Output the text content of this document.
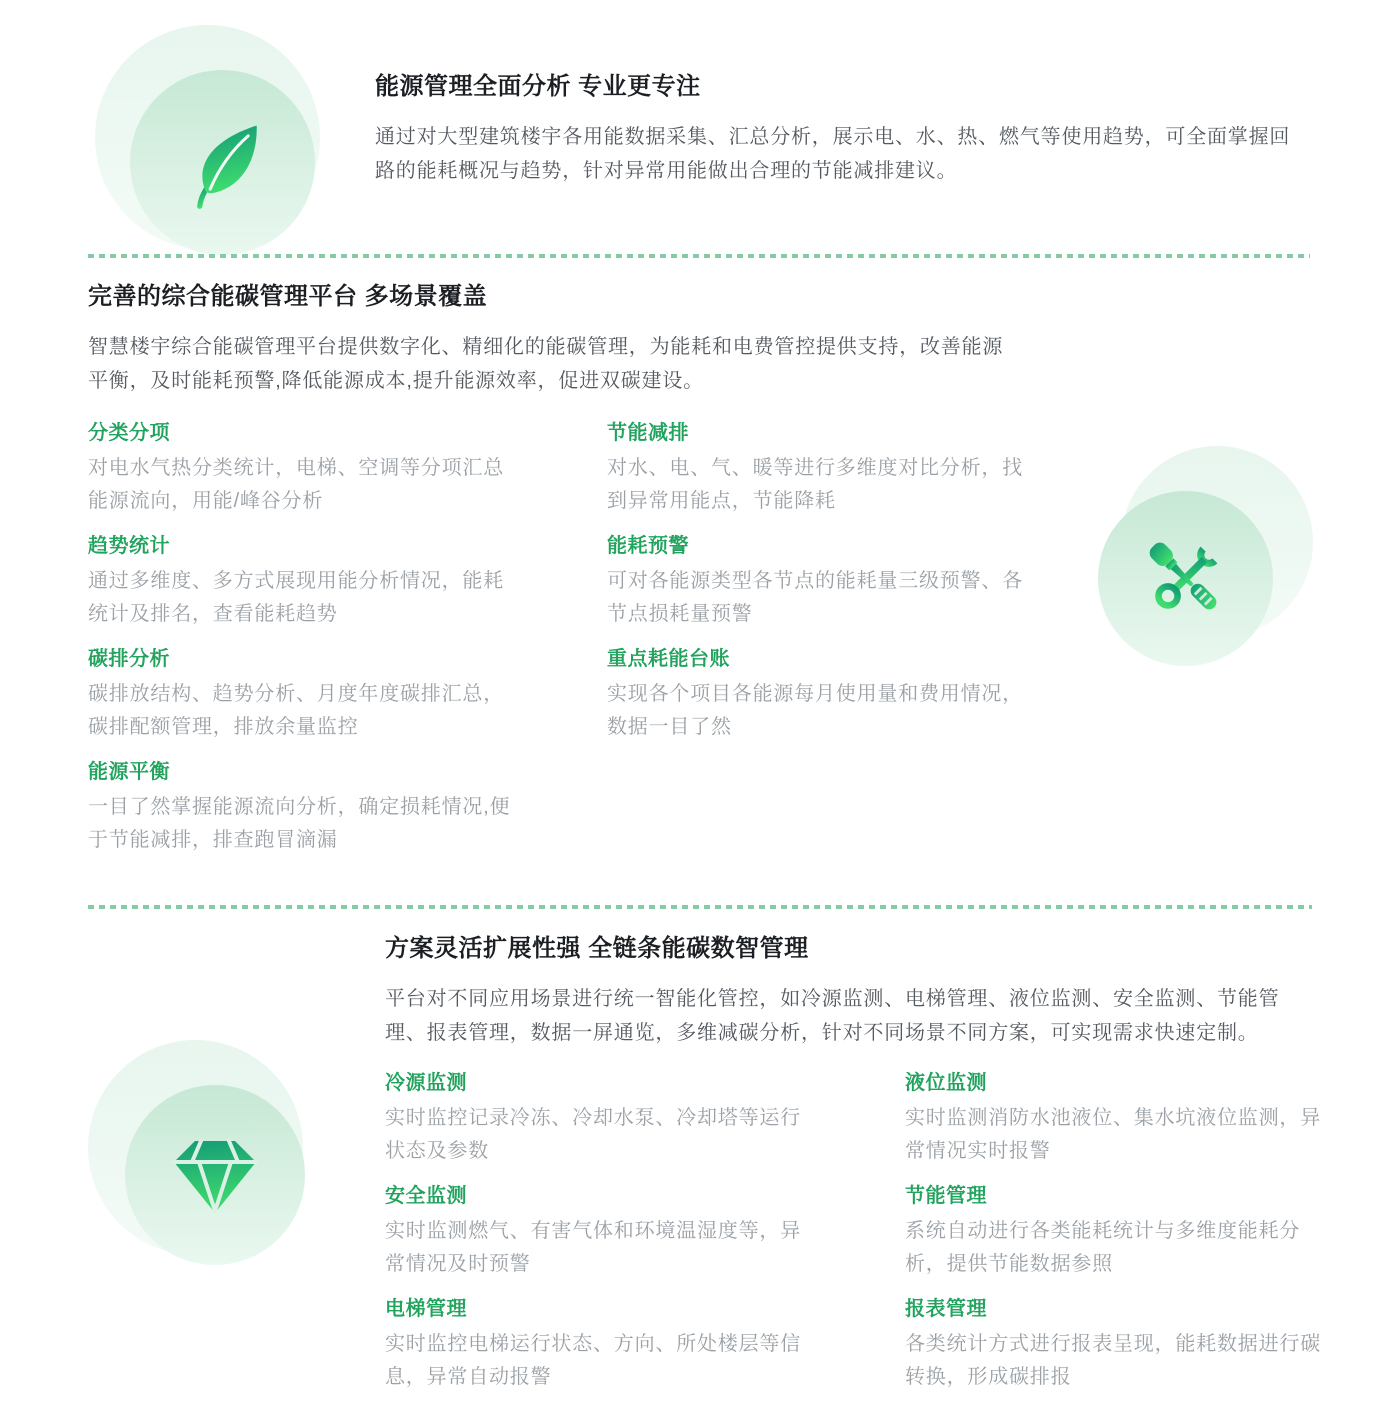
能源管理全面分析 专业更专注

通过对大型建筑楼宇各用能数据采集、汇总分析，展示电、水、热、燃气等使用趋势，可全面掌握回路的能耗概况与趋势，针对异常用能做出合理的节能减排建议。

完善的综合能碳管理平台 多场景覆盖

智慧楼宇综合能碳管理平台提供数字化、精细化的能碳管理，为能耗和电费管控提供支持，改善能源平衡，及时能耗预警,降低能源成本,提升能源效率，促进双碳建设。

分类分项

对电水气热分类统计，电梯、空调等分项汇总能源流向，用能/峰谷分析

趋势统计

通过多维度、多方式展现用能分析情况，能耗统计及排名，查看能耗趋势

碳排分析

碳排放结构、趋势分析、月度年度碳排汇总，碳排配额管理，排放余量监控

能源平衡

一目了然掌握能源流向分析，确定损耗情况,便于节能减排，排查跑冒滴漏

节能减排

对水、电、气、暖等进行多维度对比分析，找到异常用能点，节能降耗

能耗预警

可对各能源类型各节点的能耗量三级预警、各节点损耗量预警

重点耗能台账

实现各个项目各能源每月使用量和费用情况，数据一目了然

方案灵活扩展性强 全链条能碳数智管理

平台对不同应用场景进行统一智能化管控，如冷源监测、电梯管理、液位监测、安全监测、节能管理、报表管理，数据一屏通览，多维减碳分析，针对不同场景不同方案，可实现需求快速定制。

冷源监测

实时监控记录冷冻、冷却水泵、冷却塔等运行状态及参数

安全监测

实时监测燃气、有害气体和环境温湿度等，异常情况及时预警

电梯管理

实时监控电梯运行状态、方向、所处楼层等信息，异常自动报警

液位监测

实时监测消防水池液位、集水坑液位监测，异常情况实时报警

节能管理

系统自动进行各类能耗统计与多维度能耗分析，提供节能数据参照

报表管理

各类统计方式进行报表呈现，能耗数据进行碳转换，形成碳排报
